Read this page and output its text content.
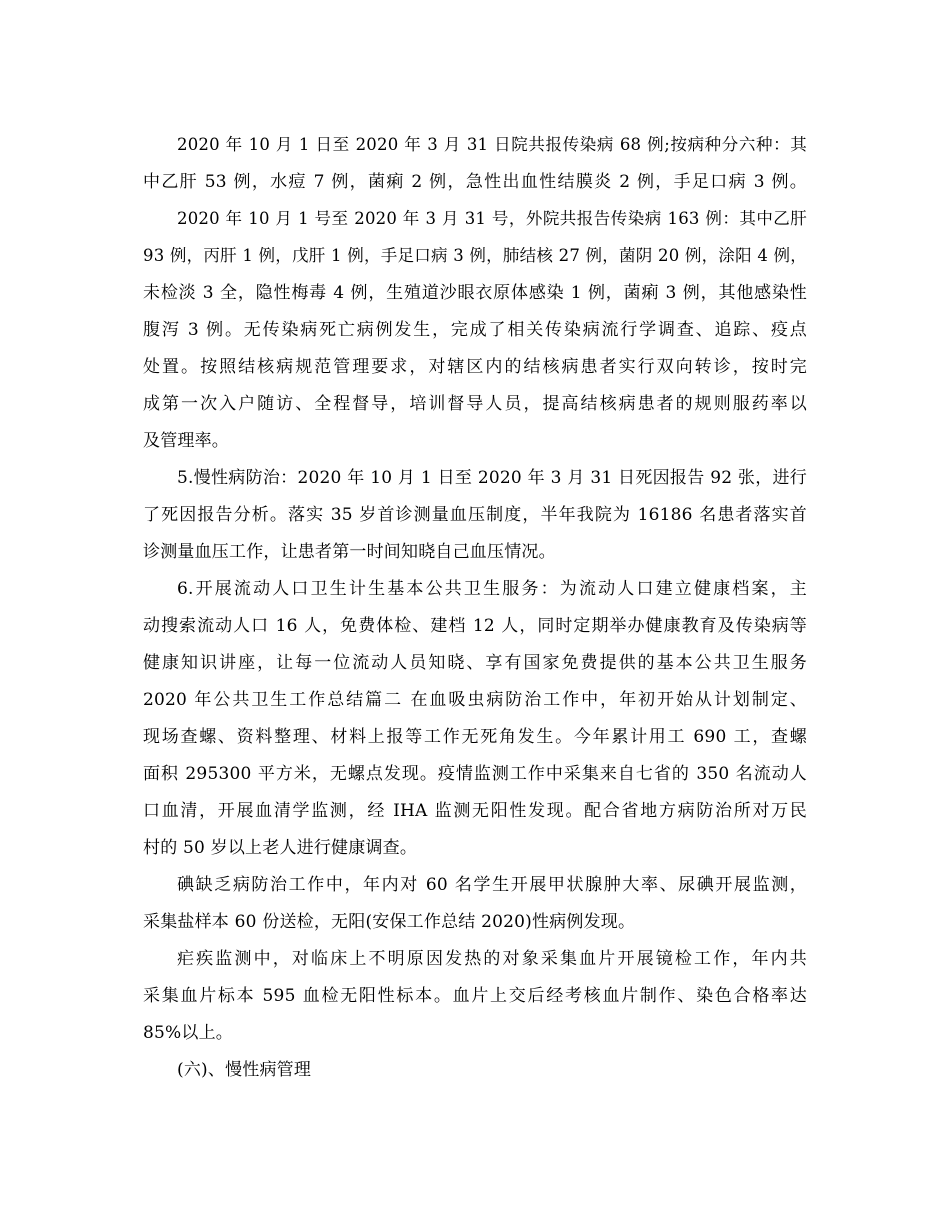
2020 年 10 月 1 日至 2020 年 3 月 31 日院共报传染病 68 例;按病种分六种：其
中乙肝 53 例，水痘 7 例，菌痢 2 例，急性出血性结膜炎 2 例，手足口病 3 例。
2020 年 10 月 1 号至 2020 年 3 月 31 号，外院共报告传染病 163 例：其中乙肝
93 例，丙肝 1 例，戊肝 1 例，手足口病 3 例，肺结核 27 例，菌阴 20 例，涂阳 4 例，
未检淡 3 全，隐性梅毒 4 例，生殖道沙眼衣原体感染 1 例，菌痢 3 例，其他感染性
腹泻 3 例。无传染病死亡病例发生，完成了相关传染病流行学调查、追踪、疫点
处置。按照结核病规范管理要求，对辖区内的结核病患者实行双向转诊，按时完
成第一次入户随访、全程督导，培训督导人员，提高结核病患者的规则服药率以
及管理率。
5.慢性病防治：2020 年 10 月 1 日至 2020 年 3 月 31 日死因报告 92 张，进行
了死因报告分析。落实 35 岁首诊测量血压制度，半年我院为 16186 名患者落实首
诊测量血压工作，让患者第一时间知晓自己血压情况。
6.开展流动人口卫生计生基本公共卫生服务：为流动人口建立健康档案，主
动搜索流动人口 16 人，免费体检、建档 12 人，同时定期举办健康教育及传染病等
健康知识讲座，让每一位流动人员知晓、享有国家免费提供的基本公共卫生服务
2020 年公共卫生工作总结篇二 在血吸虫病防治工作中，年初开始从计划制定、
现场查螺、资料整理、材料上报等工作无死角发生。今年累计用工 690 工，查螺
面积 295300 平方米，无螺点发现。疫情监测工作中采集来自七省的 350 名流动人
口血清，开展血清学监测，经 IHA 监测无阳性发现。配合省地方病防治所对万民
村的 50 岁以上老人进行健康调查。
碘缺乏病防治工作中，年内对 60 名学生开展甲状腺肿大率、尿碘开展监测，
采集盐样本 60 份送检，无阳(安保工作总结 2020)性病例发现。
疟疾监测中，对临床上不明原因发热的对象采集血片开展镜检工作，年内共
采集血片标本 595 血检无阳性标本。血片上交后经考核血片制作、染色合格率达
85%以上。
(六)、慢性病管理
